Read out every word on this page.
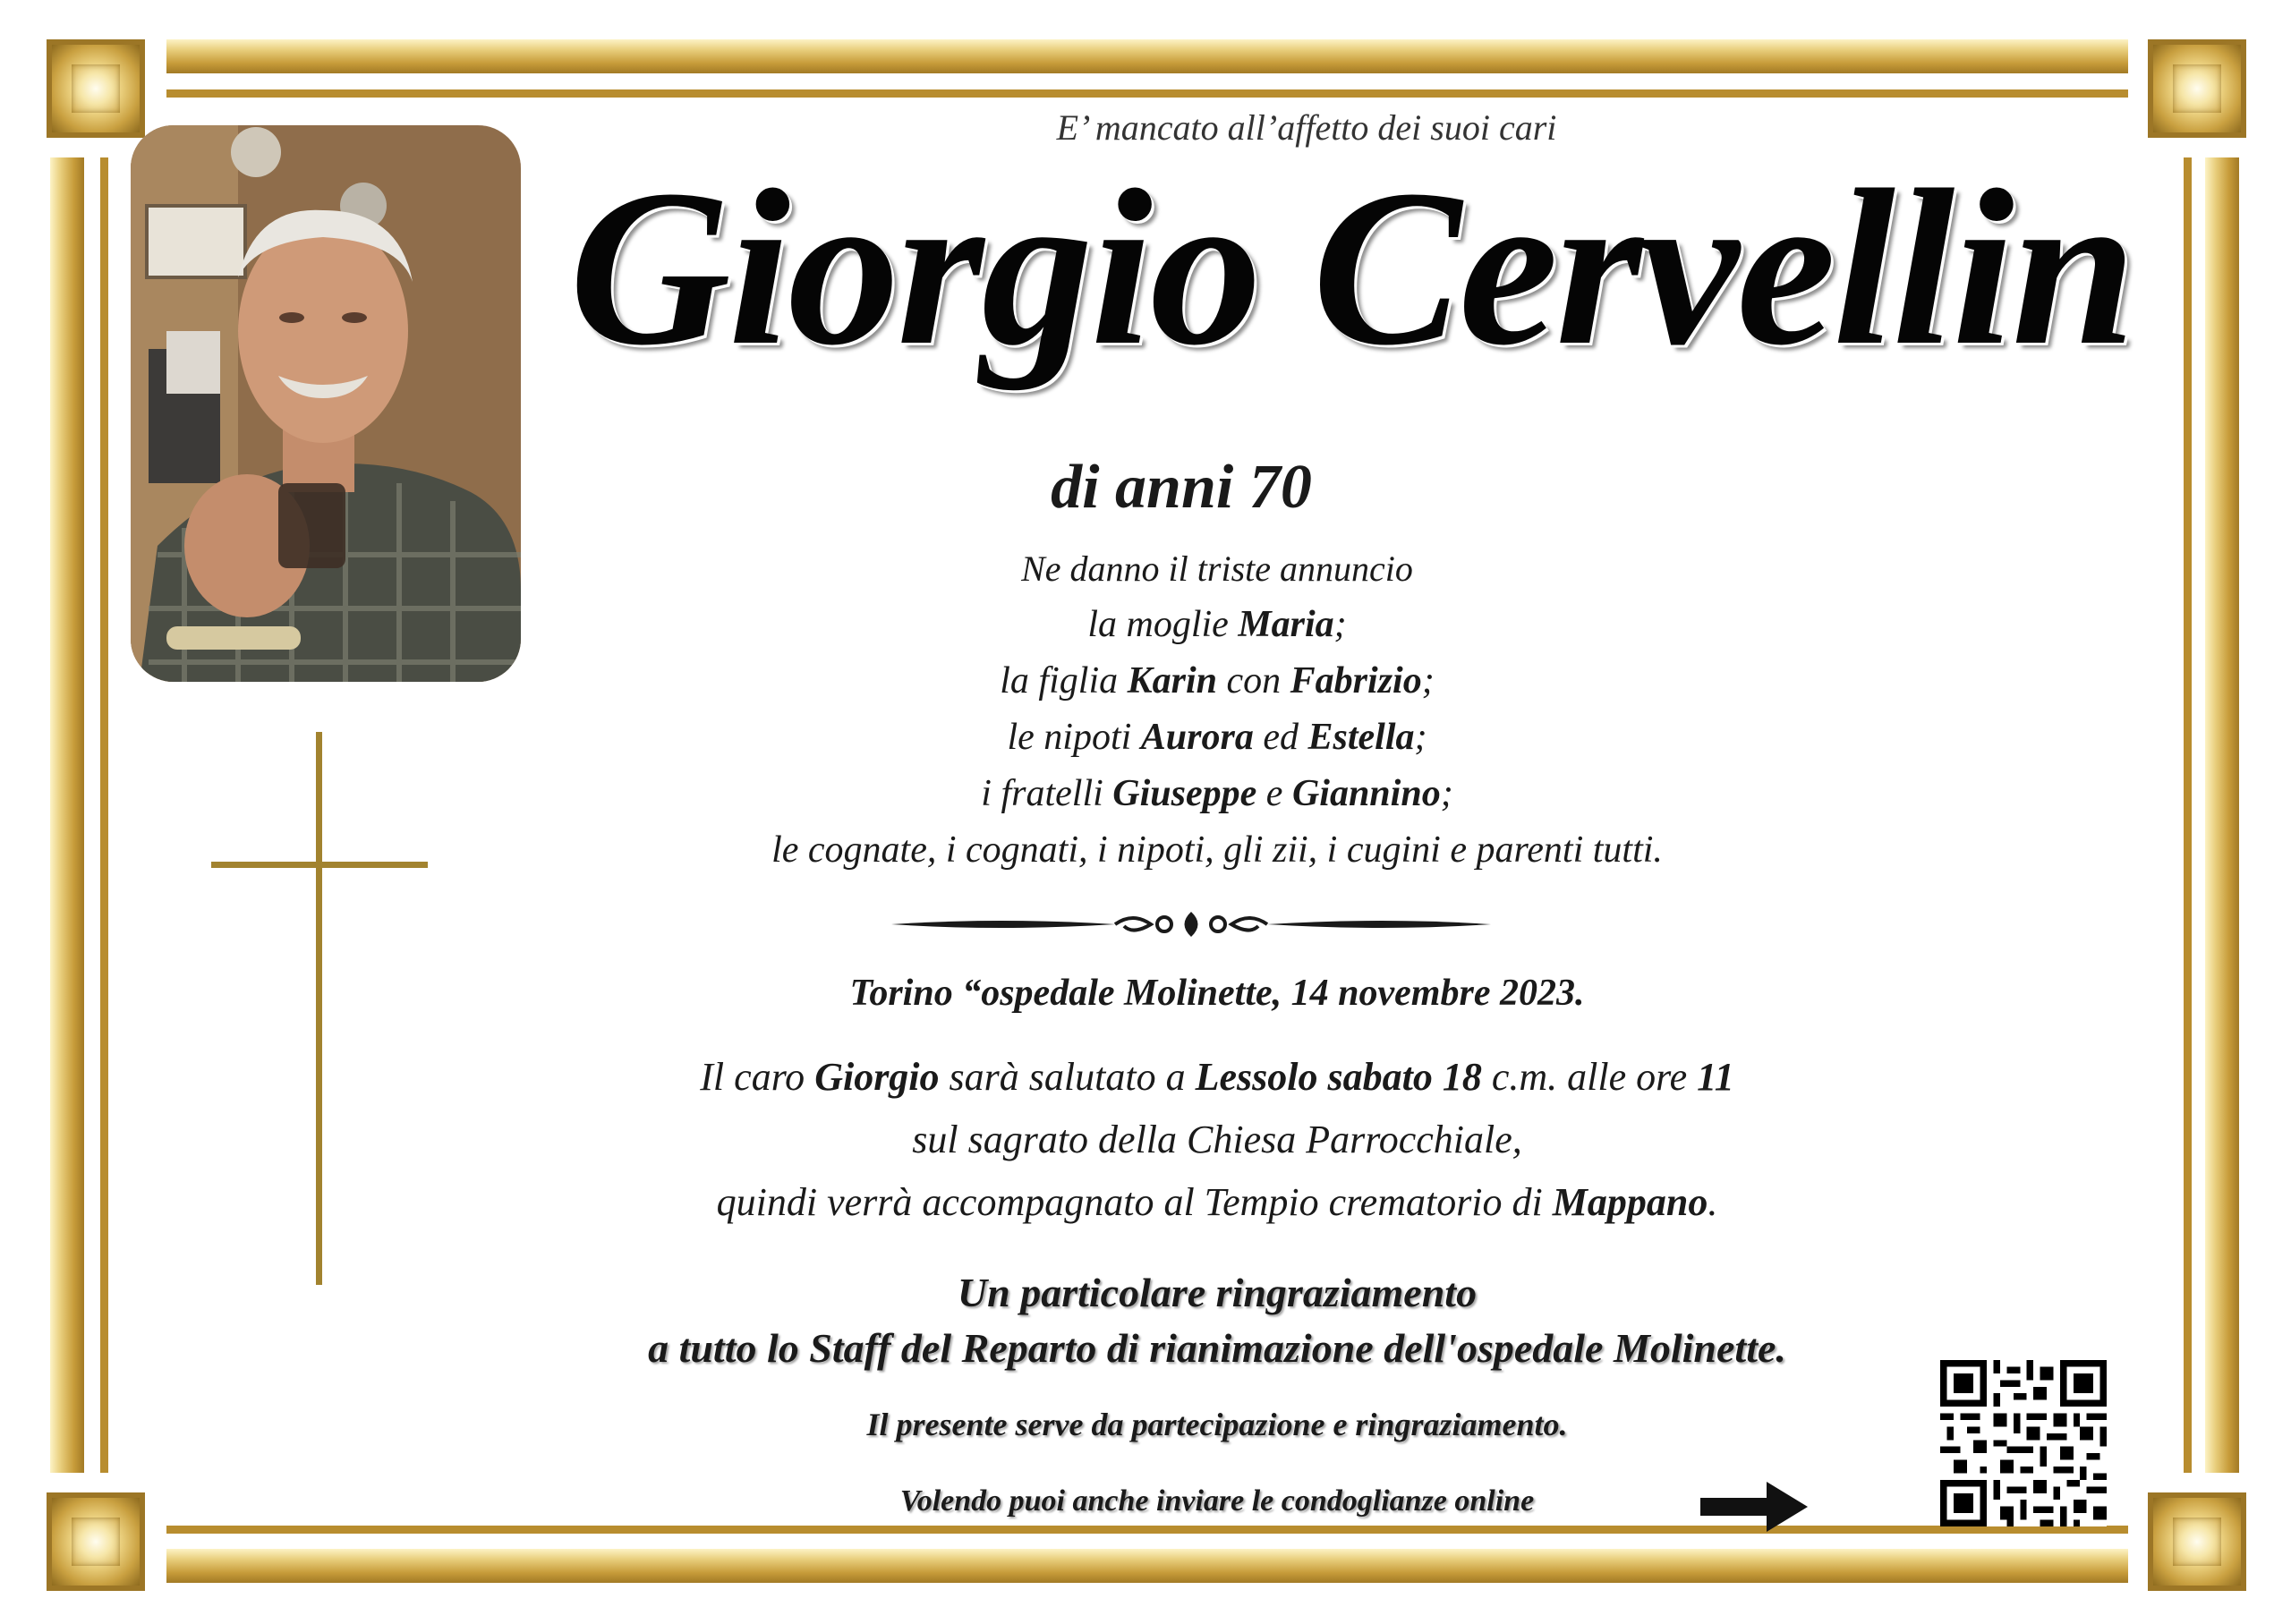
E’ mancato all’affetto dei suoi cari
Giorgio Cervellin
di anni 70
Ne danno il triste annuncio
la moglie Maria;
la figlia Karin con Fabrizio;
le nipoti Aurora ed Estella;
i fratelli Giuseppe e Giannino;
le cognate, i cognati, i nipoti, gli zii, i cugini e parenti tutti.
Torino “ospedale Molinette, 14 novembre 2023.
Il caro Giorgio sarà salutato a Lessolo sabato 18 c.m. alle ore 11
sul sagrato della Chiesa Parrocchiale,
quindi verrà accompagnato al Tempio crematorio di Mappano.
Un particolare ringraziamento
a tutto lo Staff del Reparto di rianimazione dell'ospedale Molinette.
Il presente serve da partecipazione e ringraziamento.
Volendo puoi anche inviare le condoglianze online
